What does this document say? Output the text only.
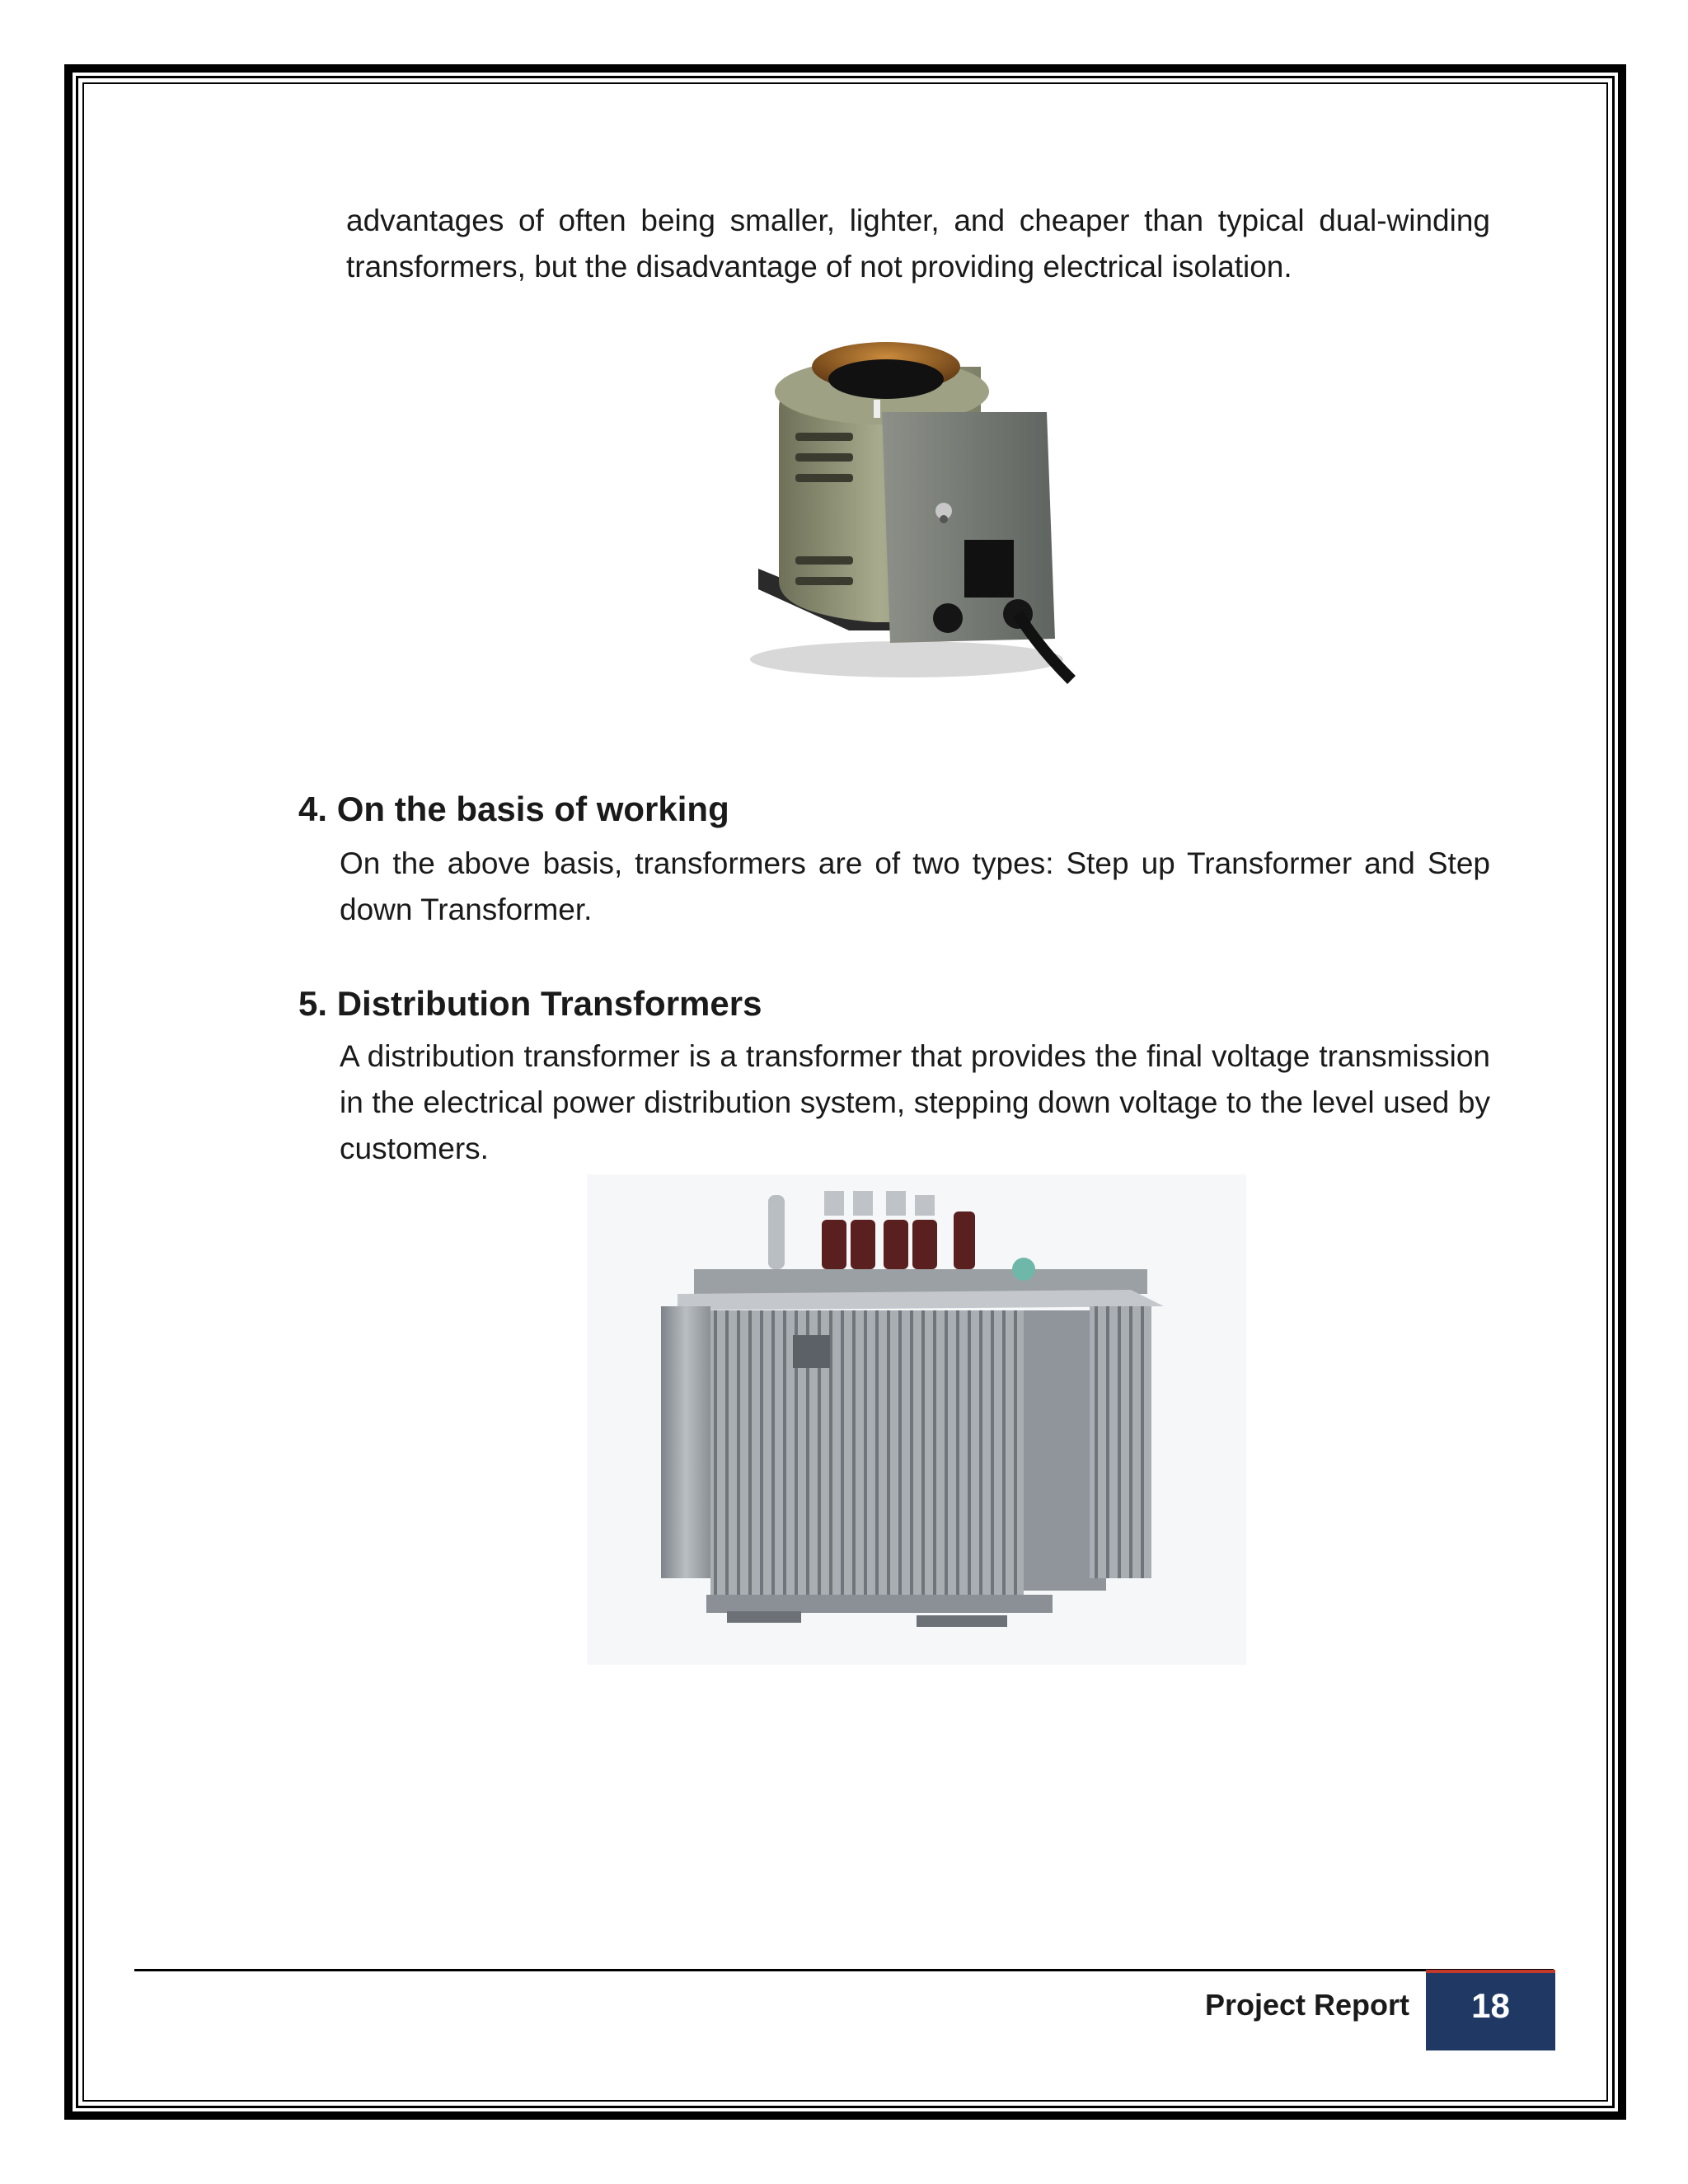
advantages of often being smaller, lighter, and cheaper than typical dual-winding transformers, but the disadvantage of not providing electrical isolation.

4. On the basis of working

On the above basis, transformers are of two types: Step up Transformer and Step down Transformer.

5. Distribution Transformers

A distribution transformer is a transformer that provides the final voltage transmission in the electrical power distribution system, stepping down voltage to the level used by customers.

Project Report	18
